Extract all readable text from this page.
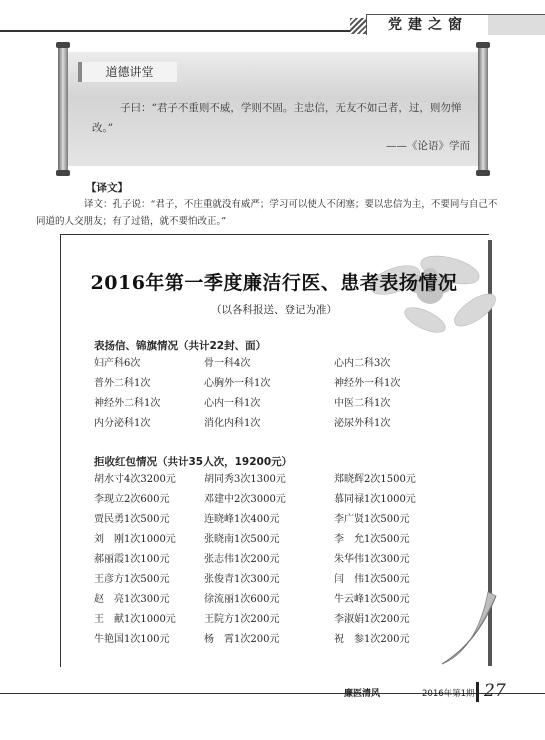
党建之窗
道德讲堂
子曰：“君子不重则不威，学则不固。主忠信，无友不如己者，过，则勿惮改。”
——《论语》学而
【译文】
译文：孔子说：“君子，不庄重就没有威严；学习可以使人不闭塞；要以忠信为主，不要同与自己不同道的人交朋友；有了过错，就不要怕改正。”
2016年第一季度廉洁行医、患者表扬情况
（以各科报送、登记为准）
表扬信、锦旗情况（共计22封、面）
妇产科6次	骨一科4次	心内二科3次
普外二科1次	心胸外一科1次	神经外一科1次
神经外二科1次	心内一科1次	中医二科1次
内分泌科1次	消化内科1次	泌尿外科1次
拒收红包情况（共计35人次，19200元）
胡水寸4次3200元	胡同秀3次1300元	郑晓辉2次1500元
李现立2次600元	邓建中2次3000元	慕同禄1次1000元
贾民勇1次500元	连晓峰1次400元	李广贤1次500元
刘　刚1次1000元	张晓南1次500元	李　允1次500元
郝丽霞1次100元	张志伟1次200元	朱华伟1次300元
王彦方1次500元	张俊青1次300元	闫　伟1次500元
赵　亮1次300元	徐流丽1次600元	牛云峰1次500元
王　献1次1000元	王院方1次200元	李淑娟1次200元
牛艳国1次100元	杨　霄1次200元	祝　参1次200元
廉医清风	2016年第1期 27
